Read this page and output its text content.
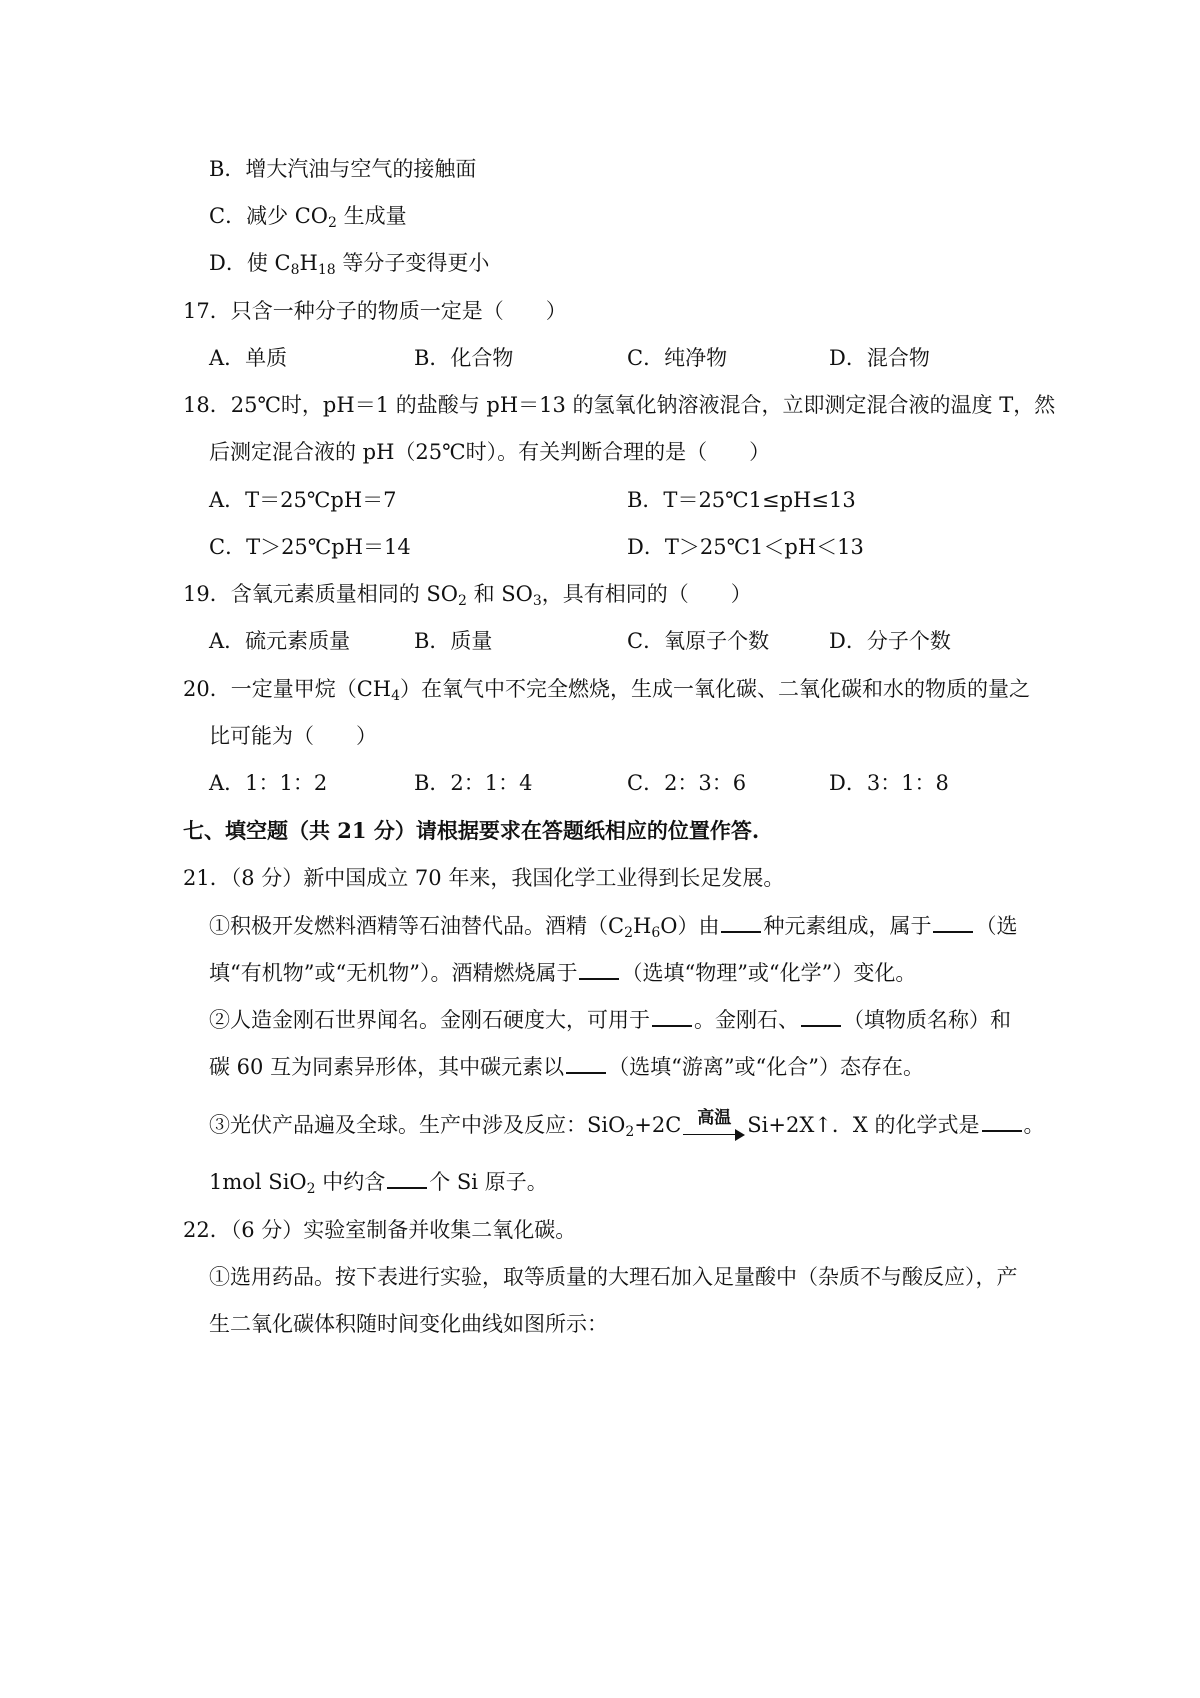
B．增大汽油与空气的接触面
C．减少 $CO_2$ 生成量
D．使 $C_8H_{18}$ 等分子变得更小
17．只含一种分子的物质一定是（　　）
A．单质	B．化合物	C．纯净物	D．混合物
18．25℃时，pH＝1 的盐酸与 pH＝13 的氢氧化钠溶液混合，立即测定混合液的温度 T，然
后测定混合液的 pH（25℃时）。有关判断合理的是（　　）
A．T＝25℃pH＝7	B．T＝25℃1≤pH≤13
C．T＞25℃pH＝14	D．T＞25℃1＜pH＜13
19．含氧元素质量相同的 $SO_2$ 和 $SO_3$，具有相同的（　　）
A．硫元素质量	B．质量	C．氧原子个数	D．分子个数
20．一定量甲烷$(CH_4)$在氧气中不完全燃烧，生成一氧化碳、二氧化碳和水的物质的量之
比可能为（　　）
A．1：1：2	B．2：1：4	C．2：3：6	D．3：1：8
七、填空题（共 21 分）请根据要求在答题纸相应的位置作答.
21．（8 分）新中国成立 70 年来，我国化学工业得到长足发展。
①积极开发燃料酒精等石油替代品。酒精$(C_2H_6O)$由 种元素组成，属于 （选
填“有机物”或“无机物”）。酒精燃烧属于 （选填“物理”或“化学”）变化。
②人造金刚石世界闻名。金刚石硬度大，可用于 。金刚石、 （填物质名称）和
碳 60 互为同素异形体，其中碳元素以 （选填“游离”或“化合”）态存在。
③光伏产品遍及全球。生产中涉及反应：SiO$_2$+2C 高温 Si+2X↑．X 的化学式是 。
1mol SiO$_2$ 中约含 个 Si 原子。
22．（6 分）实验室制备并收集二氧化碳。
①选用药品。按下表进行实验，取等质量的大理石加入足量酸中（杂质不与酸反应），产
生二氧化碳体积随时间变化曲线如图所示：
